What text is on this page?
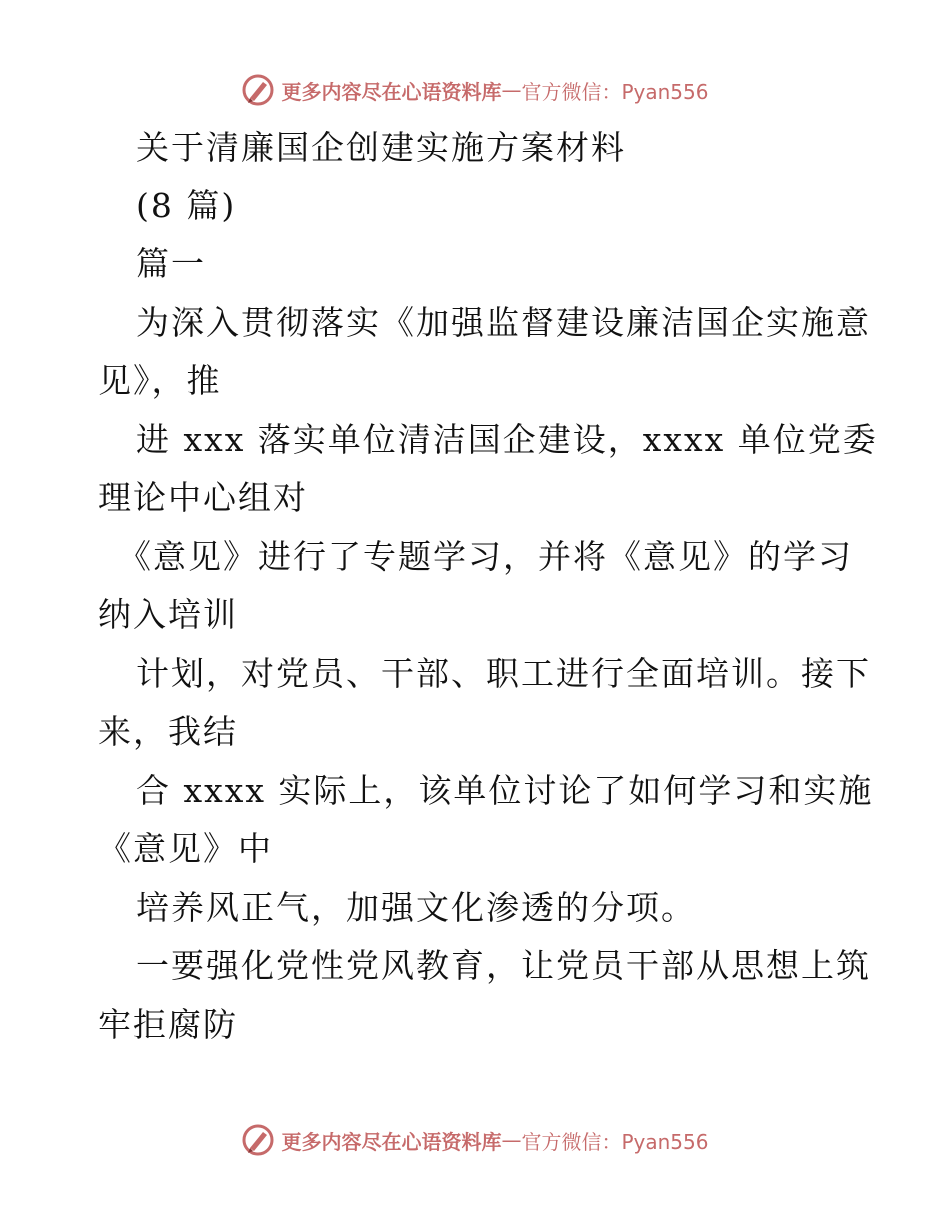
更多内容尽在心语资料库 — 官方微信：Pyan556
关于清廉国企创建实施方案材料
(8 篇)
篇一
为深入贯彻落实《加强监督建设廉洁国企实施意
见》，推
进 xxx 落实单位清洁国企建设，xxxx 单位党委
理论中心组对
《意见》进行了专题学习，并将《意见》的学习
纳入培训
计划，对党员、干部、职工进行全面培训。接下
来，我结
合 xxxx 实际上，该单位讨论了如何学习和实施
《意见》中
培养风正气，加强文化渗透的分项。
一要强化党性党风教育，让党员干部从思想上筑
牢拒腐防
更多内容尽在心语资料库 — 官方微信：Pyan556
